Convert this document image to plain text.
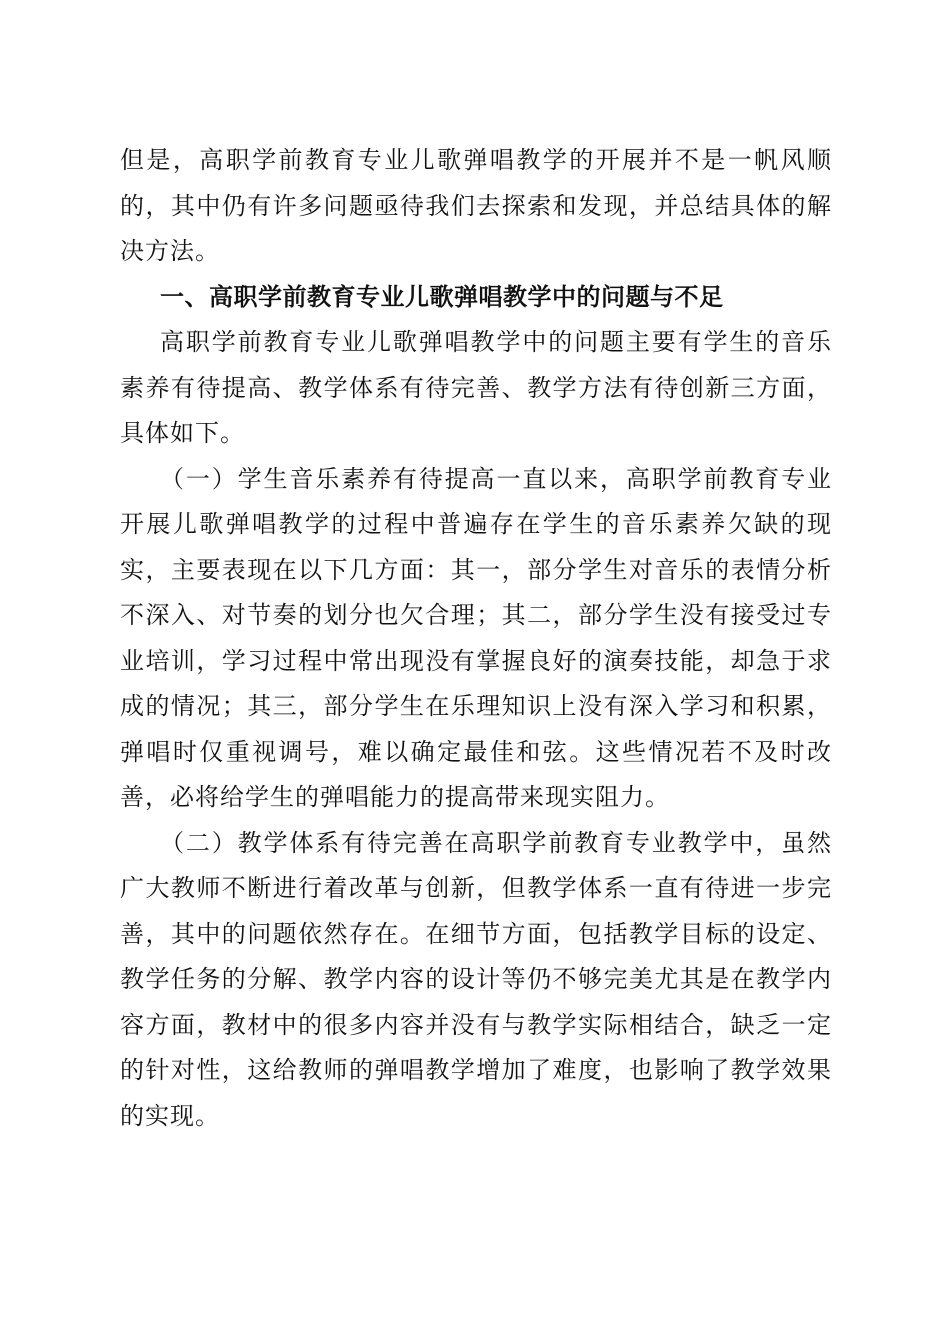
但是，高职学前教育专业儿歌弹唱教学的开展并不是一帆风顺的，其中仍有许多问题亟待我们去探索和发现，并总结具体的解决方法。

一、高职学前教育专业儿歌弹唱教学中的问题与不足

高职学前教育专业儿歌弹唱教学中的问题主要有学生的音乐素养有待提高、教学体系有待完善、教学方法有待创新三方面，具体如下。

（一）学生音乐素养有待提高一直以来，高职学前教育专业开展儿歌弹唱教学的过程中普遍存在学生的音乐素养欠缺的现实，主要表现在以下几方面：其一，部分学生对音乐的表情分析不深入、对节奏的划分也欠合理；其二，部分学生没有接受过专业培训，学习过程中常出现没有掌握良好的演奏技能，却急于求成的情况；其三，部分学生在乐理知识上没有深入学习和积累，弹唱时仅重视调号，难以确定最佳和弦。这些情况若不及时改善，必将给学生的弹唱能力的提高带来现实阻力。

（二）教学体系有待完善在高职学前教育专业教学中，虽然广大教师不断进行着改革与创新，但教学体系一直有待进一步完善，其中的问题依然存在。在细节方面，包括教学目标的设定、教学任务的分解、教学内容的设计等仍不够完美尤其是在教学内容方面，教材中的很多内容并没有与教学实际相结合，缺乏一定的针对性，这给教师的弹唱教学增加了难度，也影响了教学效果的实现。
